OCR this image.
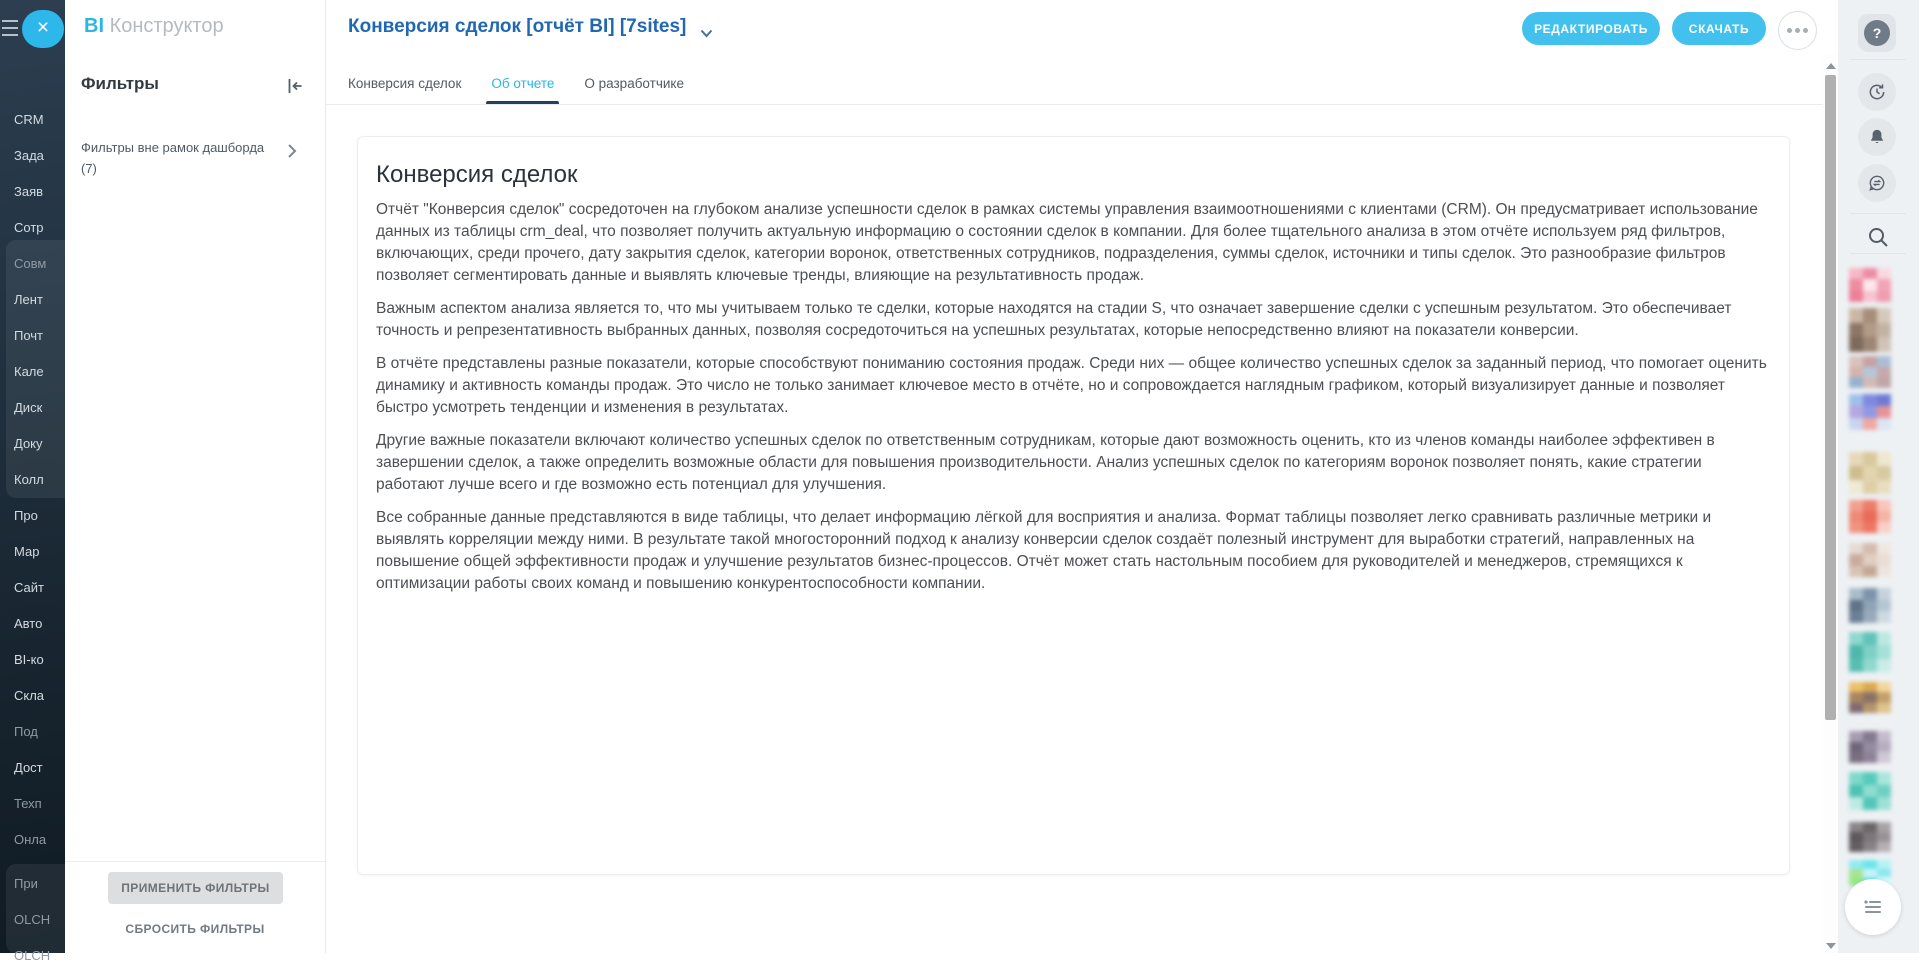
CRM
Зада
Заяв
Сотр
Совм
Лент
Почт
Кале
Диск
Доку
Колл
Про
Мар
Сайт
Авто
BI-ко
Скла
Под
Дост
Техп
Онла
При
OLCH
OLCH
×	BI Конструктор
Фильтры
Фильтры вне рамок дашборда
(7)
ПРИМЕНИТЬ ФИЛЬТРЫ
СБРОСИТЬ ФИЛЬТРЫ
Конверсия сделок [отчёт BI] [7sites]	РЕДАКТИРОВАТЬ	СКАЧАТЬ
Конверсия сделок Об отчете О разработчике
Конверсия сделок

Отчёт "Конверсия сделок" сосредоточен на глубоком анализе успешности сделок в рамках системы управления взаимоотношениями с клиентами (CRM). Он предусматривает использование данных из таблицы crm_deal, что позволяет получить актуальную информацию о состоянии сделок в компании. Для более тщательного анализа в этом отчёте используем ряд фильтров, включающих, среди прочего, дату закрытия сделок, категории воронок, ответственных сотрудников, подразделения, суммы сделок, источники и типы сделок. Это разнообразие фильтров позволяет сегментировать данные и выявлять ключевые тренды, влияющие на результативность продаж.

Важным аспектом анализа является то, что мы учитываем только те сделки, которые находятся на стадии S, что означает завершение сделки с успешным результатом. Это обеспечивает точность и репрезентативность выбранных данных, позволяя сосредоточиться на успешных результатах, которые непосредственно влияют на показатели конверсии.

В отчёте представлены разные показатели, которые способствуют пониманию состояния продаж. Среди них — общее количество успешных сделок за заданный период, что помогает оценить динамику и активность команды продаж. Это число не только занимает ключевое место в отчёте, но и сопровождается наглядным графиком, который визуализирует данные и позволяет быстро усмотреть тенденции и изменения в результатах.

Другие важные показатели включают количество успешных сделок по ответственным сотрудникам, которые дают возможность оценить, кто из членов команды наиболее эффективен в завершении сделок, а также определить возможные области для повышения производительности. Анализ успешных сделок по категориям воронок позволяет понять, какие стратегии работают лучше всего и где возможно есть потенциал для улучшения.

Все собранные данные представляются в виде таблицы, что делает информацию лёгкой для восприятия и анализа. Формат таблицы позволяет легко сравнивать различные метрики и выявлять корреляции между ними. В результате такой многосторонний подход к анализу конверсии сделок создаёт полезный инструмент для выработки стратегий, направленных на повышение общей эффективности продаж и улучшение результатов бизнес-процессов. Отчёт может стать настольным пособием для руководителей и менеджеров, стремящихся к оптимизации работы своих команд и повышению конкурентоспособности компании.

?
